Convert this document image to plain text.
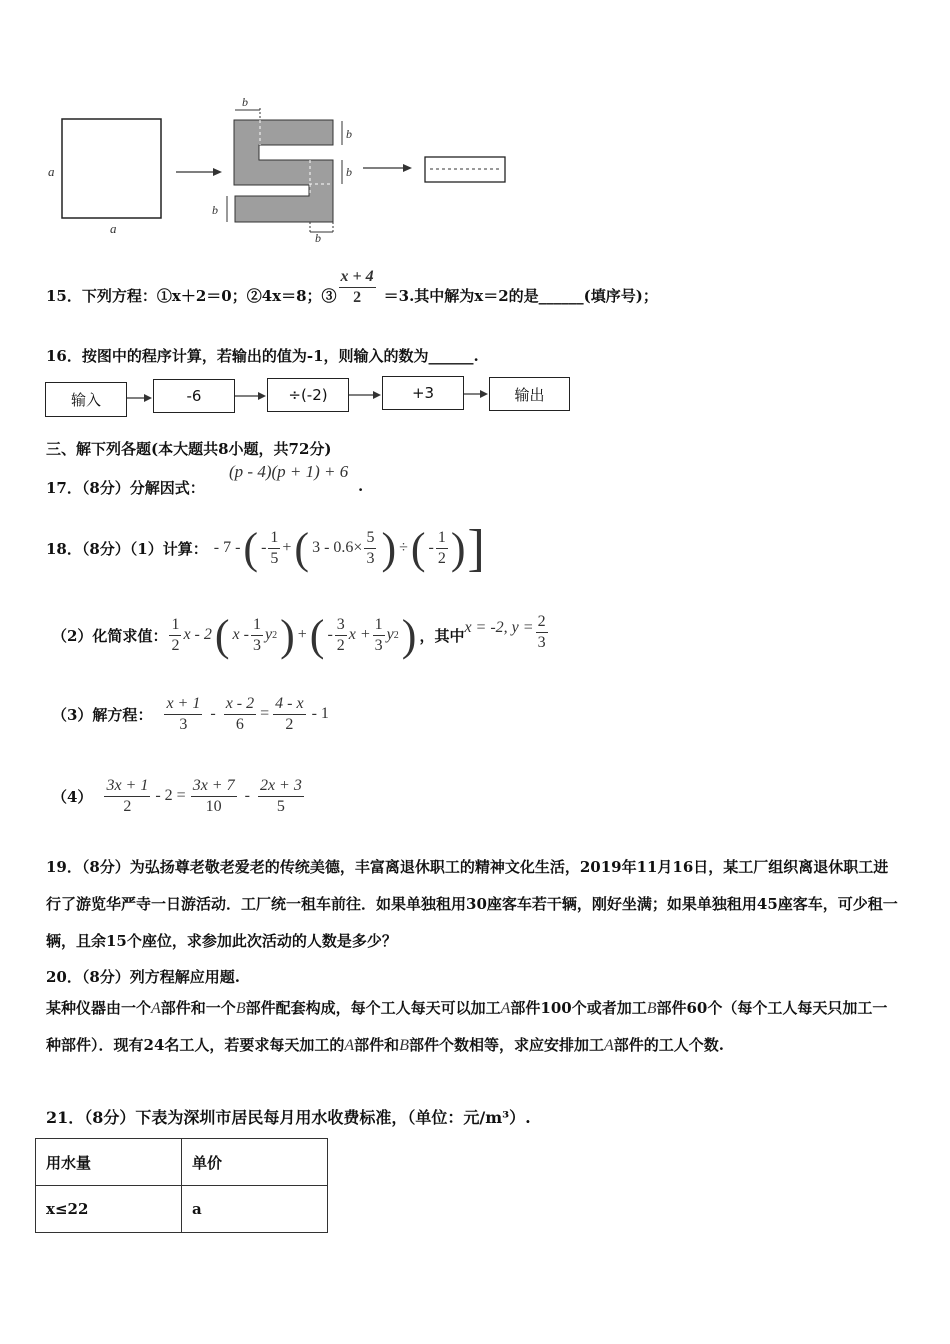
a
a
b
b
b
b
b
15．下列方程：①x＋2＝0；②4x＝8；③ $\frac{x + 4}{2} =3$.其中解为x＝2的是______(填序号)；
16．按图中的程序计算，若输出的值为-1，则输入的数为______.
输入	-6	÷(-2)	+3	输出
三、解下列各题(本大题共8小题，共72分)
17．（8分）分解因式：
(p - 4)(p + 1) + 6
.
18．（8分）（1）计算： - 7 - ( - $\frac{1}{5}$ + ( $3 - 0.6\times \frac{5}{3}$ ) ÷ ( - $\frac{1}{2}$ ) ]
（2）化简求值： $\frac{1}{2}$ x - 2 ( x - $\frac{1}{3}$ y 2 ) + ( - $\frac{3}{2}$ $x + \frac{1}{3}$ y 2 ) ，其中 x = -2, $y = \frac{2}{3}$
（3）解方程： $\frac{x + 1}{3} - \frac{x - 2}{6} = \frac{4 - x}{2} - 1$
$(4) \frac{3x + 1}{2} - 2 = \frac{3x + 7}{10} - \frac{2x + 3}{5}$
19．（8分）为弘扬尊老敬老爱老的传统美德，丰富离退休职工的精神文化生活，2019年11月16日，某工厂组织离退休职工进行了游览华严寺一日游活动．工厂统一租车前往．如果单独租用30座客车若干辆，刚好坐满；如果单独租用45座客车，可少租一辆，且余15个座位，求参加此次活动的人数是多少？
20．（8分）列方程解应用题.
某种仪器由一个A部件和一个B部件配套构成，每个工人每天可以加工A部件100个或者加工B部件60个（每个工人每天只加工一种部件）．现有24名工人，若要求每天加工的A部件和B部件个数相等，求应安排加工A部件的工人个数.
21．（8分）下表为深圳市居民每月用水收费标准，（单位：元/m³）.
用水量	单价
x≤22	a
